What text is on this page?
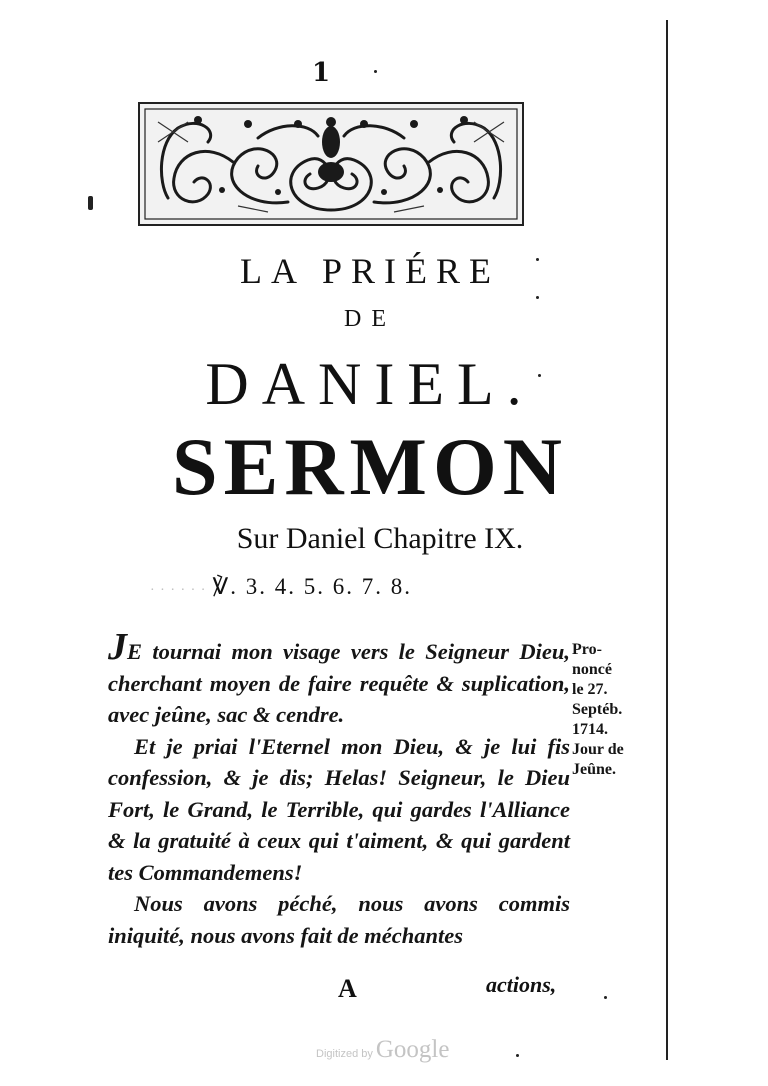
1
LA PRIÉRE
DE
DANIEL.
SERMON
Sur Daniel Chapitre IX.
· · · · · · ℣. 3. 4. 5. 6. 7. 8.

JE tournai mon visage vers le Seigneur Dieu, cherchant moyen de faire requête & suplication, avec jeûne, sac & cendre.

Et je priai l'Eternel mon Dieu, & je lui fis confession, & je dis; Helas! Seigneur, le Dieu Fort, le Grand, le Terrible, qui gardes l'Alliance & la gratuité à ceux qui t'aiment, & qui gardent tes Commandemens!

Nous avons péché, nous avons commis iniquité, nous avons fait de méchantes

Pro-
noncé
le 27.
Septéb.
1714.
Jour de
Jeûne.
A	actions,
Digitized by Google
